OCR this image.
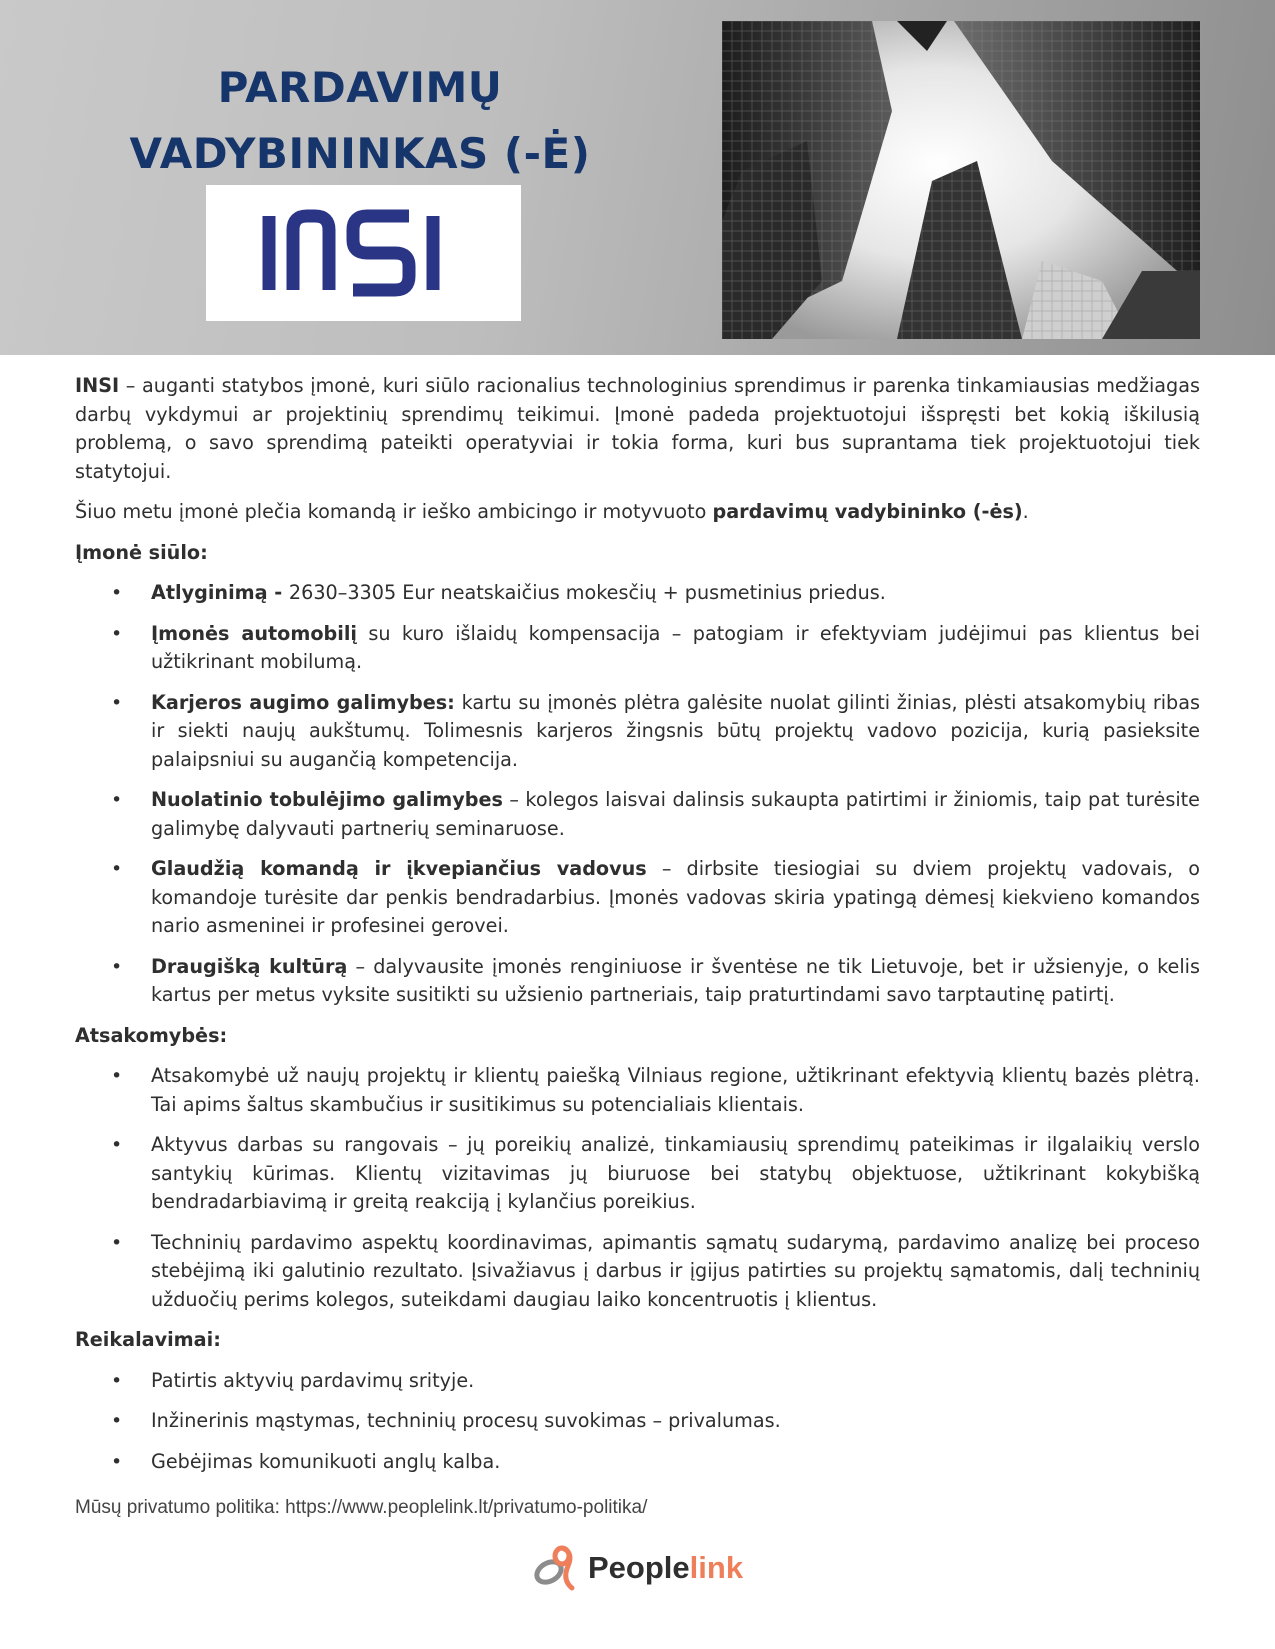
PARDAVIMŲ
VADYBININKAS (-Ė)

INSI – auganti statybos įmonė, kuri siūlo racionalius technologinius sprendimus ir parenka tinkamiausias medžiagas darbų vykdymui ar projektinių sprendimų teikimui. Įmonė padeda projektuotojui išspręsti bet kokią iškilusią problemą, o savo sprendimą pateikti operatyviai ir tokia forma, kuri bus suprantama tiek projektuotojui tiek statytojui.

Šiuo metu įmonė plečia komandą ir ieško ambicingo ir motyvuoto pardavimų vadybininko (-ės).

Įmonė siūlo:
• Atlyginimą - 2630–3305 Eur neatskaičius mokesčių + pusmetinius priedus.
• Įmonės automobilį su kuro išlaidų kompensacija – patogiam ir efektyviam judėjimui pas klientus bei užtikrinant mobilumą.
• Karjeros augimo galimybes: kartu su įmonės plėtra galėsite nuolat gilinti žinias, plėsti atsakomybių ribas ir siekti naujų aukštumų. Tolimesnis karjeros žingsnis būtų projektų vadovo pozicija, kurią pasieksite palaipsniui su augančią kompetencija.
• Nuolatinio tobulėjimo galimybes – kolegos laisvai dalinsis sukaupta patirtimi ir žiniomis, taip pat turėsite galimybę dalyvauti partnerių seminaruose.
• Glaudžią komandą ir įkvepiančius vadovus – dirbsite tiesiogiai su dviem projektų vadovais, o komandoje turėsite dar penkis bendradarbius. Įmonės vadovas skiria ypatingą dėmesį kiekvieno komandos nario asmeninei ir profesinei gerovei.
• Draugišką kultūrą – dalyvausite įmonės renginiuose ir šventėse ne tik Lietuvoje, bet ir užsienyje, o kelis kartus per metus vyksite susitikti su užsienio partneriais, taip praturtindami savo tarptautinę patirtį.
Atsakomybės:
• Atsakomybė už naujų projektų ir klientų paiešką Vilniaus regione, užtikrinant efektyvią klientų bazės plėtrą. Tai apims šaltus skambučius ir susitikimus su potencialiais klientais.
• Aktyvus darbas su rangovais – jų poreikių analizė, tinkamiausių sprendimų pateikimas ir ilgalaikių verslo santykių kūrimas. Klientų vizitavimas jų biuruose bei statybų objektuose, užtikrinant kokybišką bendradarbiavimą ir greitą reakciją į kylančius poreikius.
• Techninių pardavimo aspektų koordinavimas, apimantis sąmatų sudarymą, pardavimo analizę bei proceso stebėjimą iki galutinio rezultato. Įsivažiavus į darbus ir įgijus patirties su projektų sąmatomis, dalį techninių užduočių perims kolegos, suteikdami daugiau laiko koncentruotis į klientus.
Reikalavimai:
• Patirtis aktyvių pardavimų srityje.
• Inžinerinis mąstymas, techninių procesų suvokimas – privalumas.
• Gebėjimas komunikuoti anglų kalba.
Mūsų privatumo politika: https://www.peoplelink.lt/privatumo-politika/
Peoplelink
